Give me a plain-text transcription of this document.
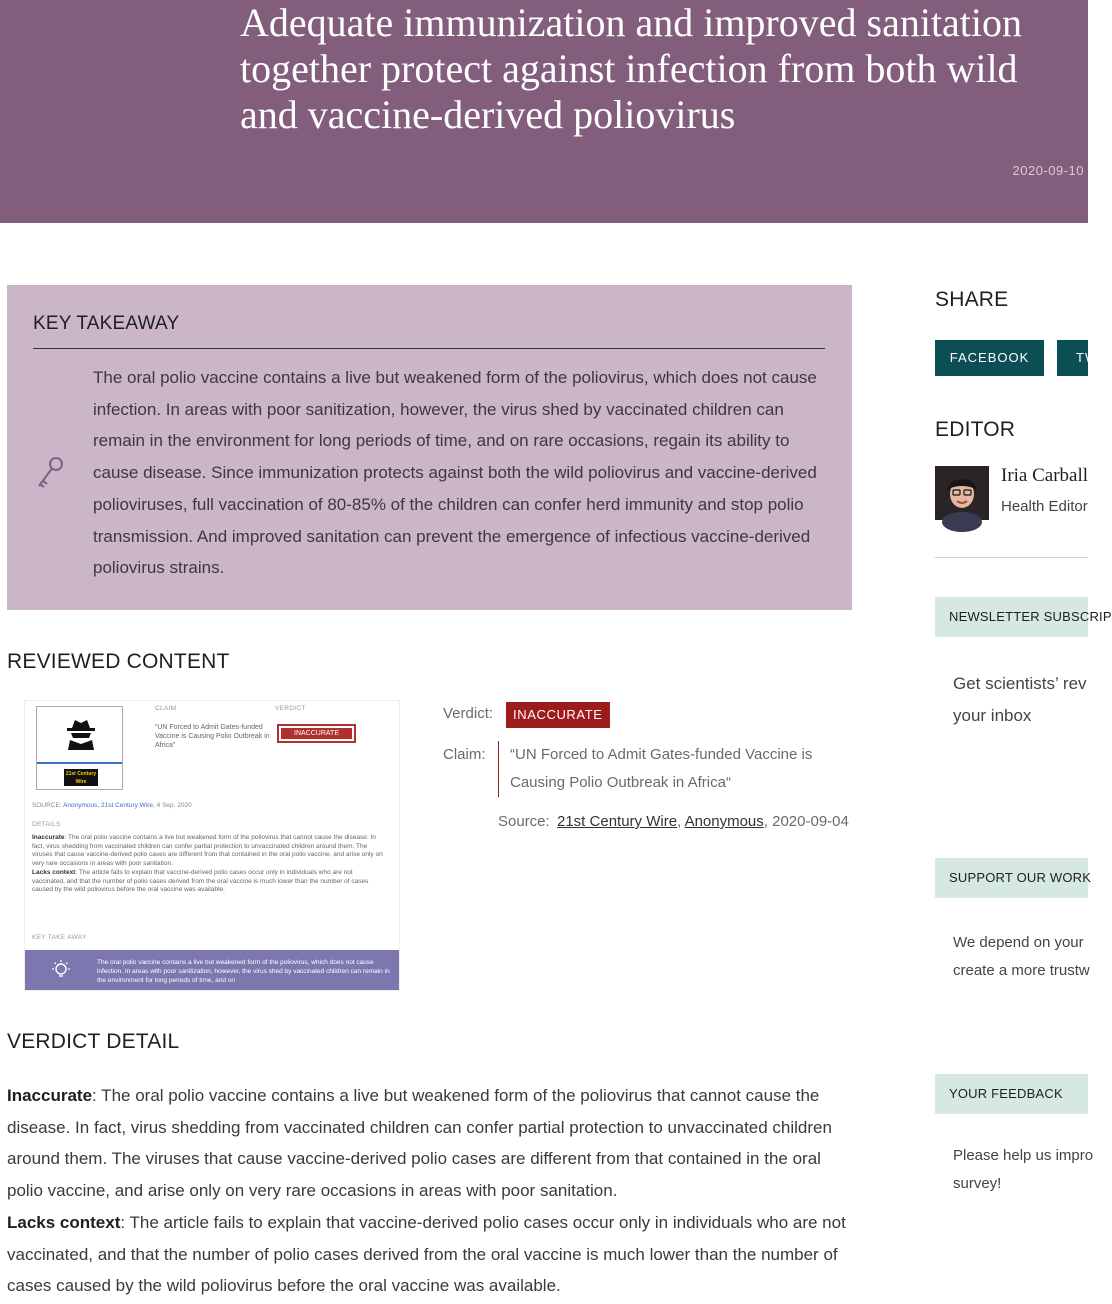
Adequate immunization and improved sanitation together protect against infection from both wild and vaccine-derived poliovirus
2020-09-10
KEY TAKEAWAY

The oral polio vaccine contains a live but weakened form of the poliovirus, which does not cause infection. In areas with poor sanitization, however, the virus shed by vaccinated children can remain in the environment for long periods of time, and on rare occasions, regain its ability to cause disease. Since immunization protects against both the wild poliovirus and vaccine-derived polioviruses, full vaccination of 80-85% of the children can confer herd immunity and stop polio transmission. And improved sanitation can prevent the emergence of infectious vaccine-derived poliovirus strains.

REVIEWED CONTENT
21st Century Wire
CLAIM	VERDICT
“UN Forced to Admit Gates-funded Vaccine is Causing Polio Outbreak in Africa”
INACCURATE
SOURCE: Anonymous, 21st Century Wire, 4 Sep. 2020
DETAILS
Inaccurate: The oral polio vaccine contains a live but weakened form of the poliovirus that cannot cause the disease. In fact, virus shedding from vaccinated children can confer partial protection to unvaccinated children around them. The viruses that cause vaccine-derived polio cases are different from that contained in the oral polio vaccine, and arise only on very rare occasions in areas with poor sanitation.
Lacks context: The article fails to explain that vaccine-derived polio cases occur only in individuals who are not vaccinated, and that the number of polio cases derived from the oral vaccine is much lower than the number of cases caused by the wild poliovirus before the oral vaccine was available.
KEY TAKE AWAY
The oral polio vaccine contains a live but weakened form of the poliovirus, which does not cause infection. In areas with poor sanitization, however, the virus shed by vaccinated children can remain in the environment for long periods of time, and on
Verdict:	INACCURATE
Claim:	“UN Forced to Admit Gates-funded Vaccine is Causing Polio Outbreak in Africa“
Source: 21st Century Wire, Anonymous, 2020-09-04
VERDICT DETAIL
Inaccurate: The oral polio vaccine contains a live but weakened form of the poliovirus that cannot cause the disease. In fact, virus shedding from vaccinated children can confer partial protection to unvaccinated children around them. The viruses that cause vaccine-derived polio cases are different from that contained in the oral polio vaccine, and arise only on very rare occasions in areas with poor sanitation.
Lacks context: The article fails to explain that vaccine-derived polio cases occur only in individuals who are not vaccinated, and that the number of polio cases derived from the oral vaccine is much lower than the number of cases caused by the wild poliovirus before the oral vaccine was available.
SHARE
FACEBOOK	TW
EDITOR
Iria Carball
Health Editor
NEWSLETTER SUBSCRIP
Get scientists’ rev
your inbox
SUPPORT OUR WORK
We depend on your
create a more trustw
YOUR FEEDBACK
Please help us impro
survey!
